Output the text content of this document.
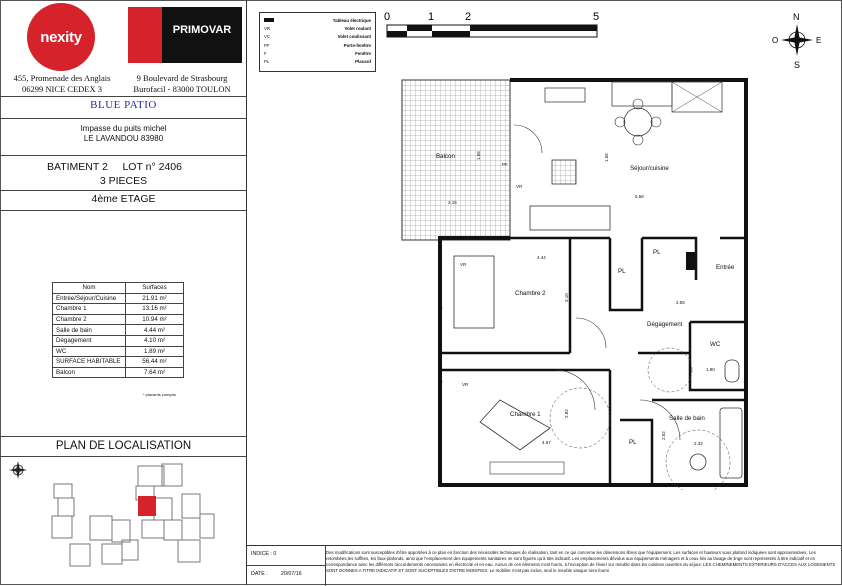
nexity	PRIMOVAR

455, Promenade des Anglais
06299 NICE CEDEX 3
9 Boulevard de Strasbourg
Burofacil - 83000 TOULON
BLUE PATIO
Impasse du puits michel
LE LAVANDOU 83980
BATIMENT 2 LOT n° 2406
3 PIECES
4ème ETAGE
Nom	Surfaces
Entrée/Séjour/Cuisine	21.91 m²
Chambre 1	13.16 m²
Chambre 2	10.94 m²
Salle de bain	4.44 m²
Dégagement	4.10 m²
WC	1.89 m²
SURFACE HABITABLE	56.44 m²
Balcon	7.64 m²
* placards compris
PLAN DE LOCALISATION
Tableau électrique
VR	Volet roulant
VC	Volet coulissant
PF	Porte-fenêtre
F	Fenêtre
PL	Placard
0	1	2	5	N
S
O	E
Balcon
Séjour/cuisine
Chambre 2
Chambre 1
Entrée
Dégagement
WC
Salle de bain
PL
PL
PL
2.15
1.56	1.56
5.56
4.44
3.10
2.55
1.90
4.67
2.82
2.02
2.32
VR
PF
VR
VR
F
F
INDICE : 0
DATE :	20/07/16
Des modifications sont susceptibles d'être apportées à ce plan en fonction des nécessités techniques de réalisation, tant en ce qui concerne les dimensions libres que l'équipement. Les surfaces et hauteurs sous plafond indiquées sont approximatives. Les retombées,les soffites, les faux-plafonds, ainsi que l'emplacement des équipements sanitaires ne sont figurés qu'à titre indicatif. Les emplacements dévolus aux équipements ménagers et à ceux liés au lavage de linge sont représentés à titre indicatif et en correspondance avec les différents raccordements nécessaires en électricité et en eau. Aucun de ces éléments n'est fourni, à l'exception de l'évier sur meuble dans les cuisines ouvertes du séjour. LES CHEMINEMENTS EXTERIEURS D'ACCES AUX LOGEMENTS SONT DONNES A TITRE INDICATIF ET SONT SUCEPTIBLES D'ETRE MODIFIES. Le mobilier n'est pas inclus, seul le meuble vasque sera fourni
